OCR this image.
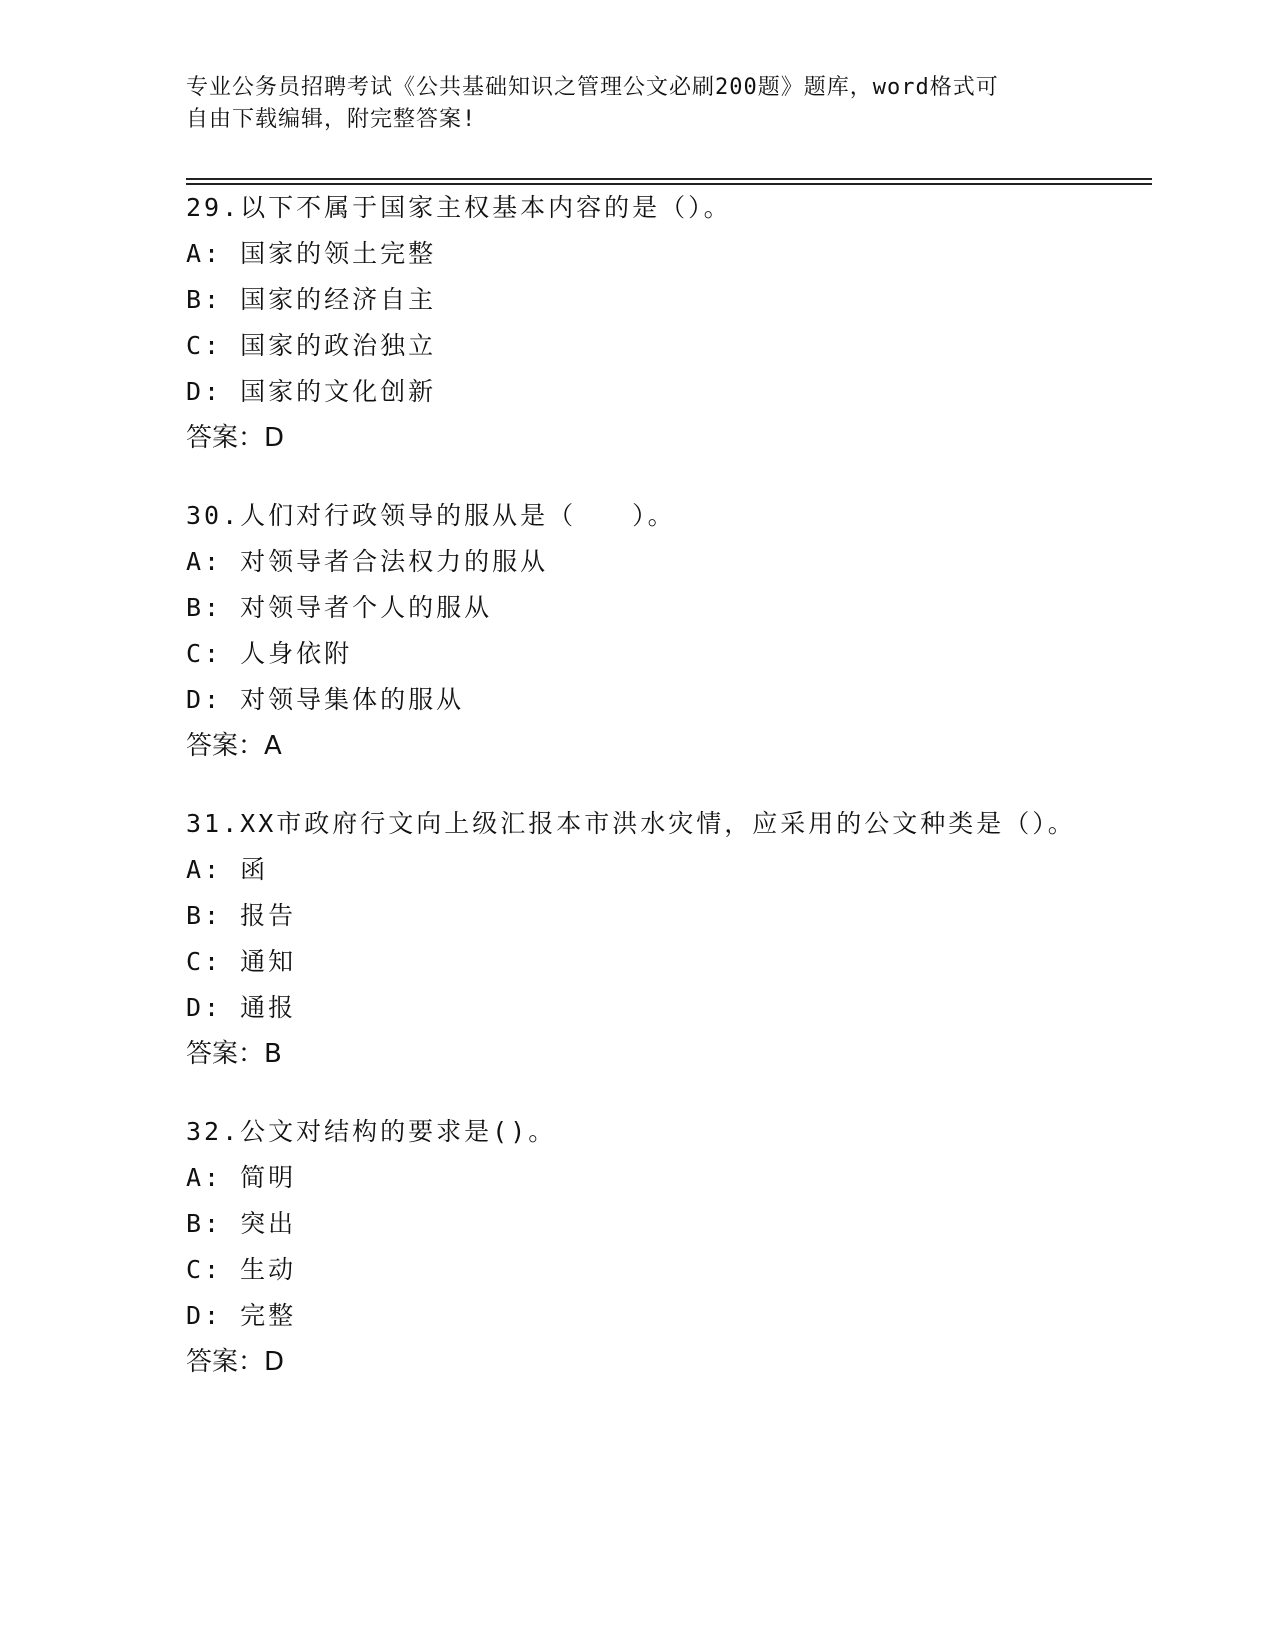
专业公务员招聘考试《公共基础知识之管理公文必刷200题》题库，word格式可
自由下载编辑，附完整答案!
29.以下不属于国家主权基本内容的是（）。
A: 国家的领土完整
B: 国家的经济自主
C: 国家的政治独立
D: 国家的文化创新
答案：D
30.人们对行政领导的服从是（　　）。
A: 对领导者合法权力的服从
B: 对领导者个人的服从
C: 人身依附
D: 对领导集体的服从
答案：A
31.XX市政府行文向上级汇报本市洪水灾情，应采用的公文种类是（）。
A: 函
B: 报告
C: 通知
D: 通报
答案：B
32.公文对结构的要求是()。
A: 简明
B: 突出
C: 生动
D: 完整
答案：D
